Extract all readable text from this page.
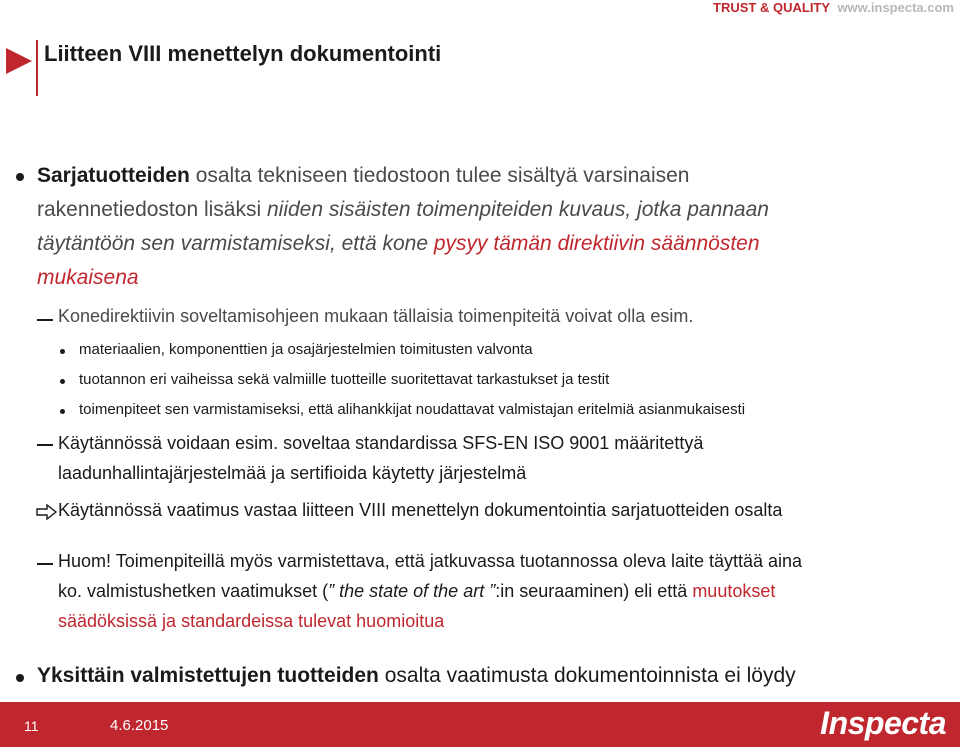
TRUST & QUALITY www.inspecta.com
Liitteen VIII menettelyn dokumentointi
Sarjatuotteiden osalta tekniseen tiedostoon tulee sisältyä varsinaisen
rakennetiedoston lisäksi niiden sisäisten toimenpiteiden kuvaus, jotka pannaan
täytäntöön sen varmistamiseksi, että kone pysyy tämän direktiivin säännösten
mukaisena
Konedirektiivin soveltamisohjeen mukaan tällaisia toimenpiteitä voivat olla esim.
materiaalien, komponenttien ja osajärjestelmien toimitusten valvonta
tuotannon eri vaiheissa sekä valmiille tuotteille suoritettavat tarkastukset ja testit
toimenpiteet sen varmistamiseksi, että alihankkijat noudattavat valmistajan eritelmiä asianmukaisesti
Käytännössä voidaan esim. soveltaa standardissa SFS-EN ISO 9001 määritettyä
laadunhallintajärjestelmää ja sertifioida käytetty järjestelmä
Käytännössä vaatimus vastaa liitteen VIII menettelyn dokumentointia sarjatuotteiden osalta
Huom! Toimenpiteillä myös varmistettava, että jatkuvassa tuotannossa oleva laite täyttää aina
ko. valmistushetken vaatimukset (” the state of the art ”:in seuraaminen) eli että muutokset
säädöksissä ja standardeissa tulevat huomioitua
Yksittäin valmistettujen tuotteiden osalta vaatimusta dokumentoinnista ei löydy
11	4.6.2015	Inspecta
